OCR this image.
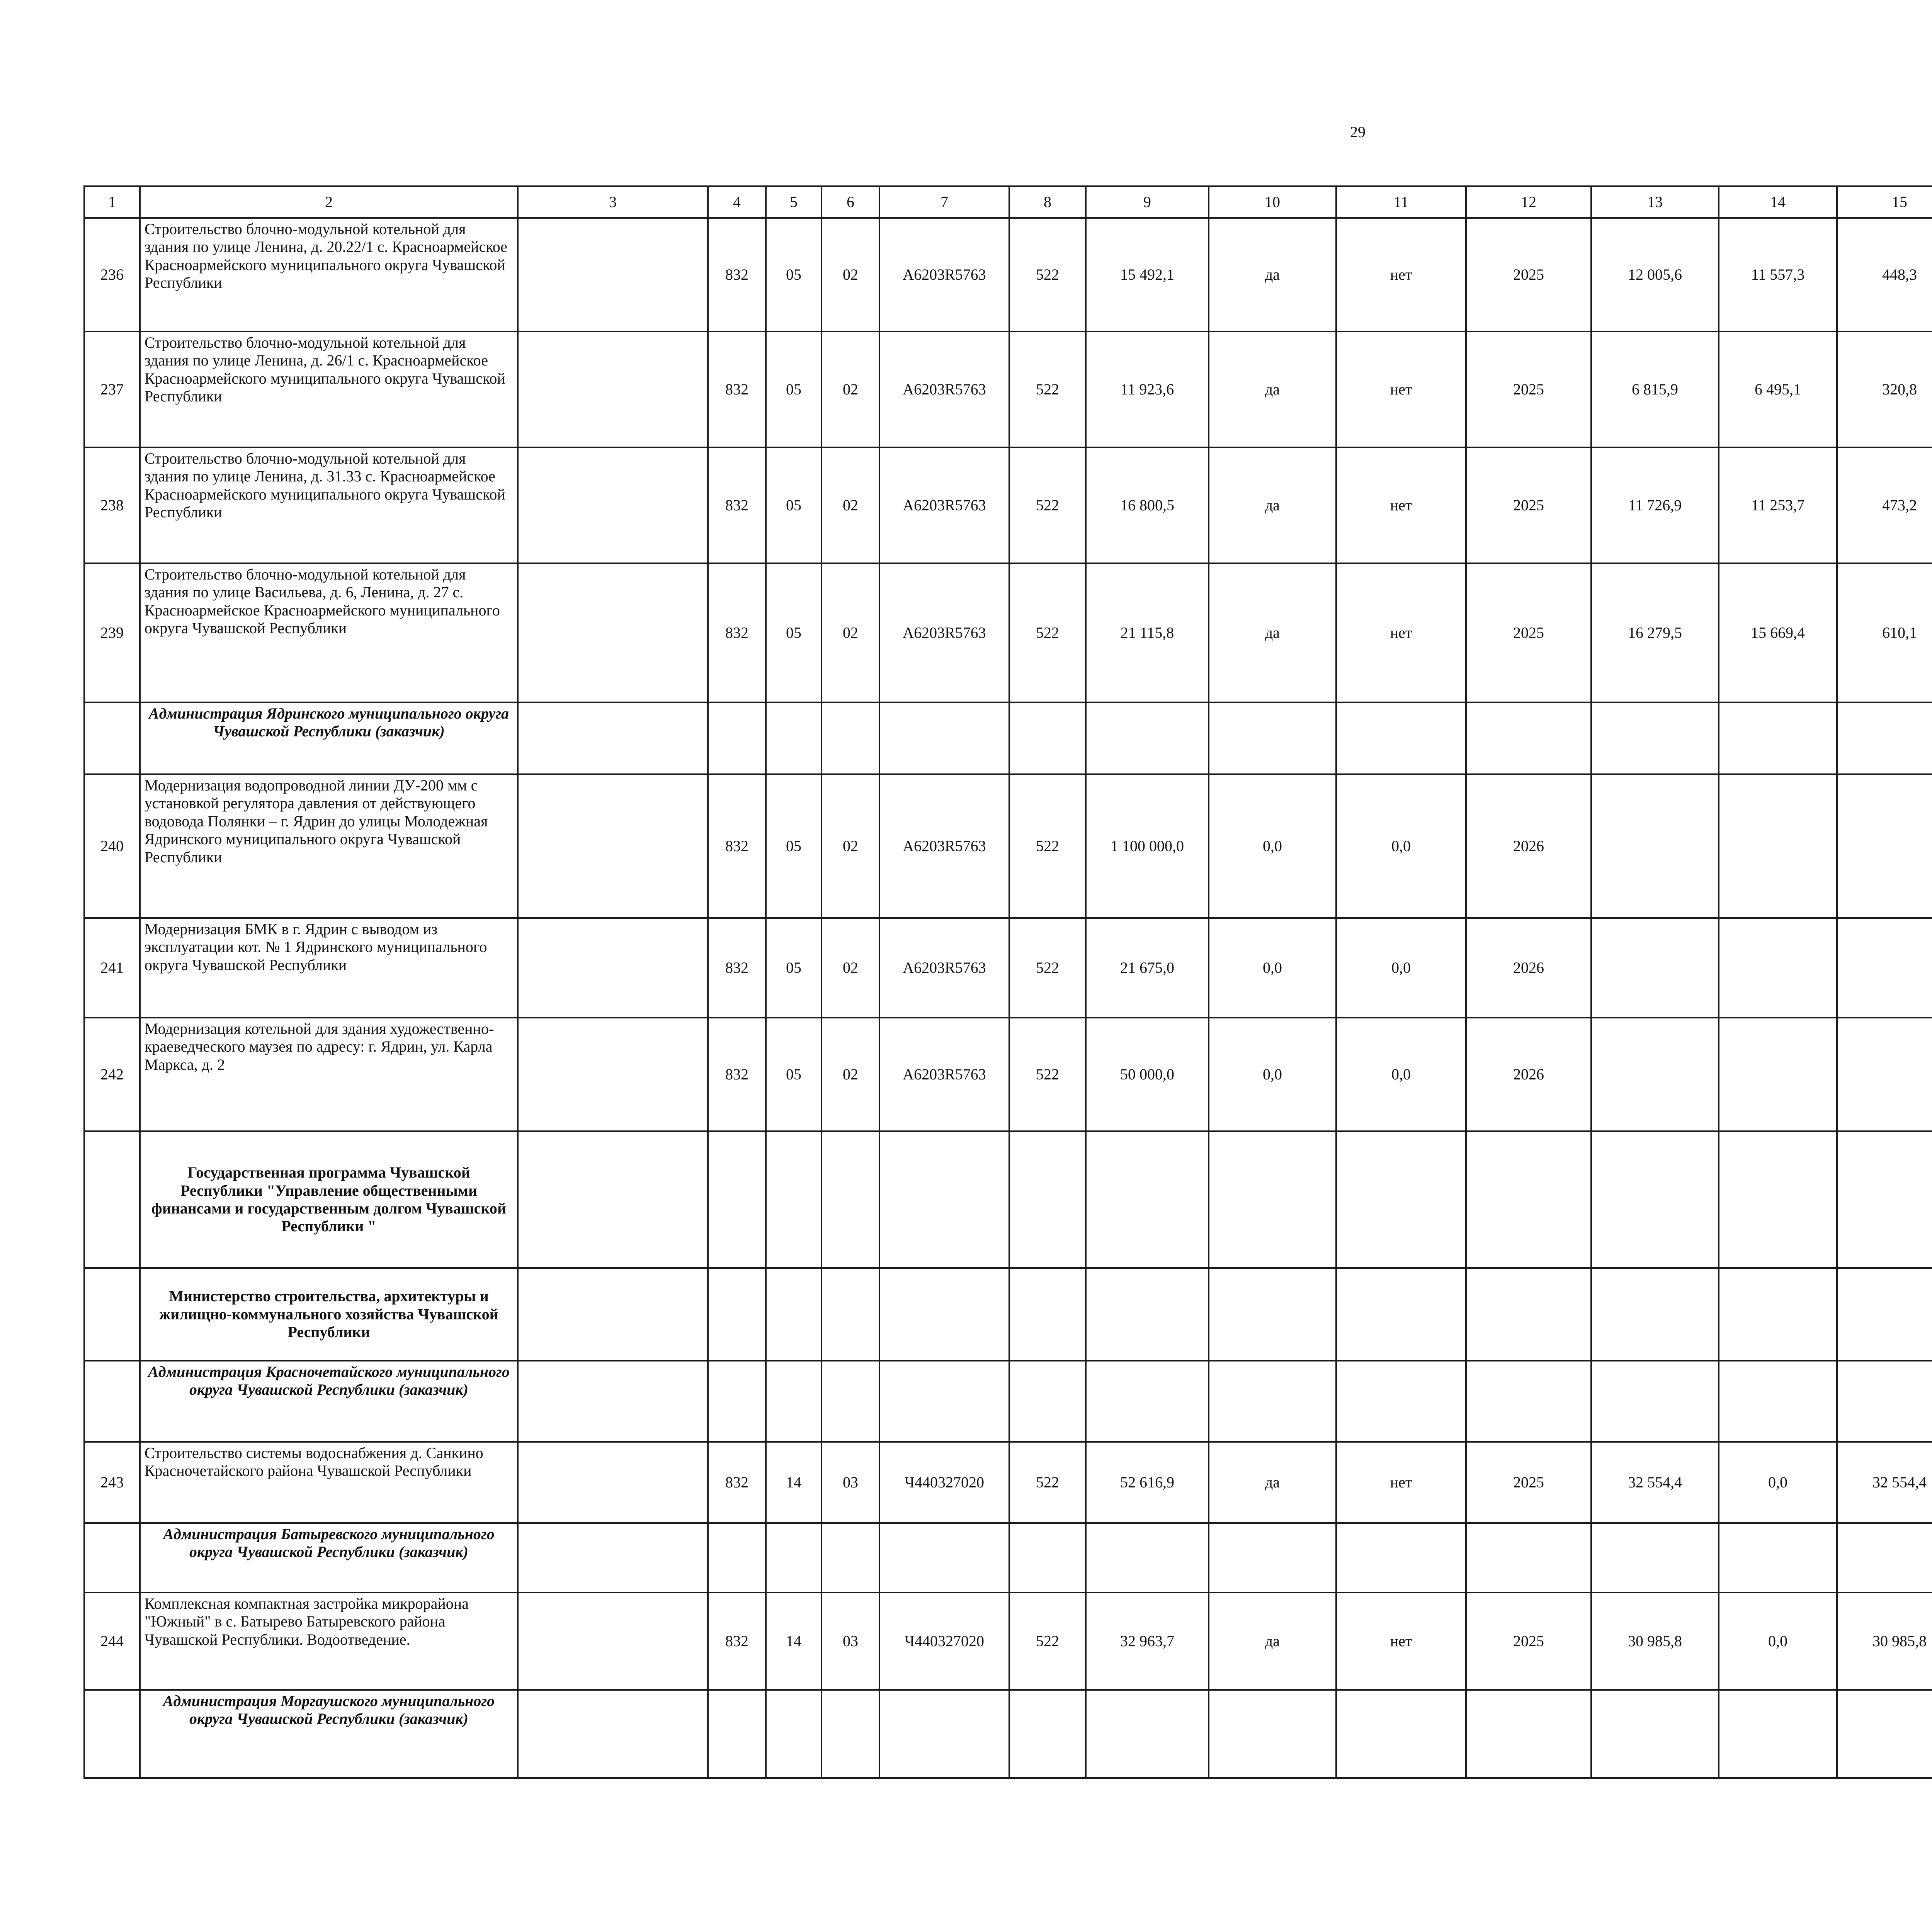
29
1	2	3	4	5	6	7	8	9	10	11	12	13	14	15						
236	Строительство блочно-модульной котельной для здания по улице Ленина, д. 20.22/1 с. Красноармейское Красноармейского муниципального округа Чувашской Республики		832	05	02	A6203R5763	522	15 492,1	да	нет	2025	12 005,6	11 557,3	448,3						
237	Строительство блочно-модульной котельной для здания по улице Ленина, д. 26/1 с. Красноармейское Красноармейского муниципального округа Чувашской Республики		832	05	02	A6203R5763	522	11 923,6	да	нет	2025	6 815,9	6 495,1	320,8						
238	Строительство блочно-модульной котельной для здания по улице Ленина, д. 31.33 с. Красноармейское Красноармейского муниципального округа Чувашской Республики		832	05	02	A6203R5763	522	16 800,5	да	нет	2025	11 726,9	11 253,7	473,2						
239	Строительство блочно-модульной котельной для здания по улице Васильева, д. 6, Ленина, д. 27 с. Красноармейское Красноармейского муниципального округа Чувашской Республики		832	05	02	A6203R5763	522	21 115,8	да	нет	2025	16 279,5	15 669,4	610,1						
	Администрация Ядринского муниципального округа Чувашской Республики (заказчик)																			
240	Модернизация водопроводной линии ДУ-200 мм с установкой регулятора давления от действующего водовода Полянки – г. Ядрин до улицы Молодежная Ядринского муниципального округа Чувашской Республики		832	05	02	A6203R5763	522	1 100 000,0	0,0	0,0	2026									
241	Модернизация БМК в г. Ядрин с выводом из эксплуатации кот. № 1 Ядринского муниципального округа Чувашской Республики		832	05	02	A6203R5763	522	21 675,0	0,0	0,0	2026									
242	Модернизация котельной для здания художественно-краеведческого маузея по адресу: г. Ядрин, ул. Карла Маркса, д. 2		832	05	02	A6203R5763	522	50 000,0	0,0	0,0	2026									
	Государственная программа Чувашской Республики "Управление общественными финансами и государственным долгом Чувашской Республики "																			
	Министерство строительства, архитектуры и жилищно-коммунального хозяйства Чувашской Республики																			
	Администрация Красночетайского муниципального округа Чувашской Республики (заказчик)																			
243	Строительство системы водоснабжения д. Санкино Красночетайского района Чувашской Республики		832	14	03	Ч440327020	522	52 616,9	да	нет	2025	32 554,4	0,0	32 554,4						
	Администрация Батыревского муниципального округа Чувашской Республики (заказчик)																			
244	Комплексная компактная застройка микрорайона "Южный" в с. Батырево Батыревского района Чувашской Республики. Водоотведение.		832	14	03	Ч440327020	522	32 963,7	да	нет	2025	30 985,8	0,0	30 985,8						
	Администрация Моргаушского муниципального округа Чувашской Республики (заказчик)																			
